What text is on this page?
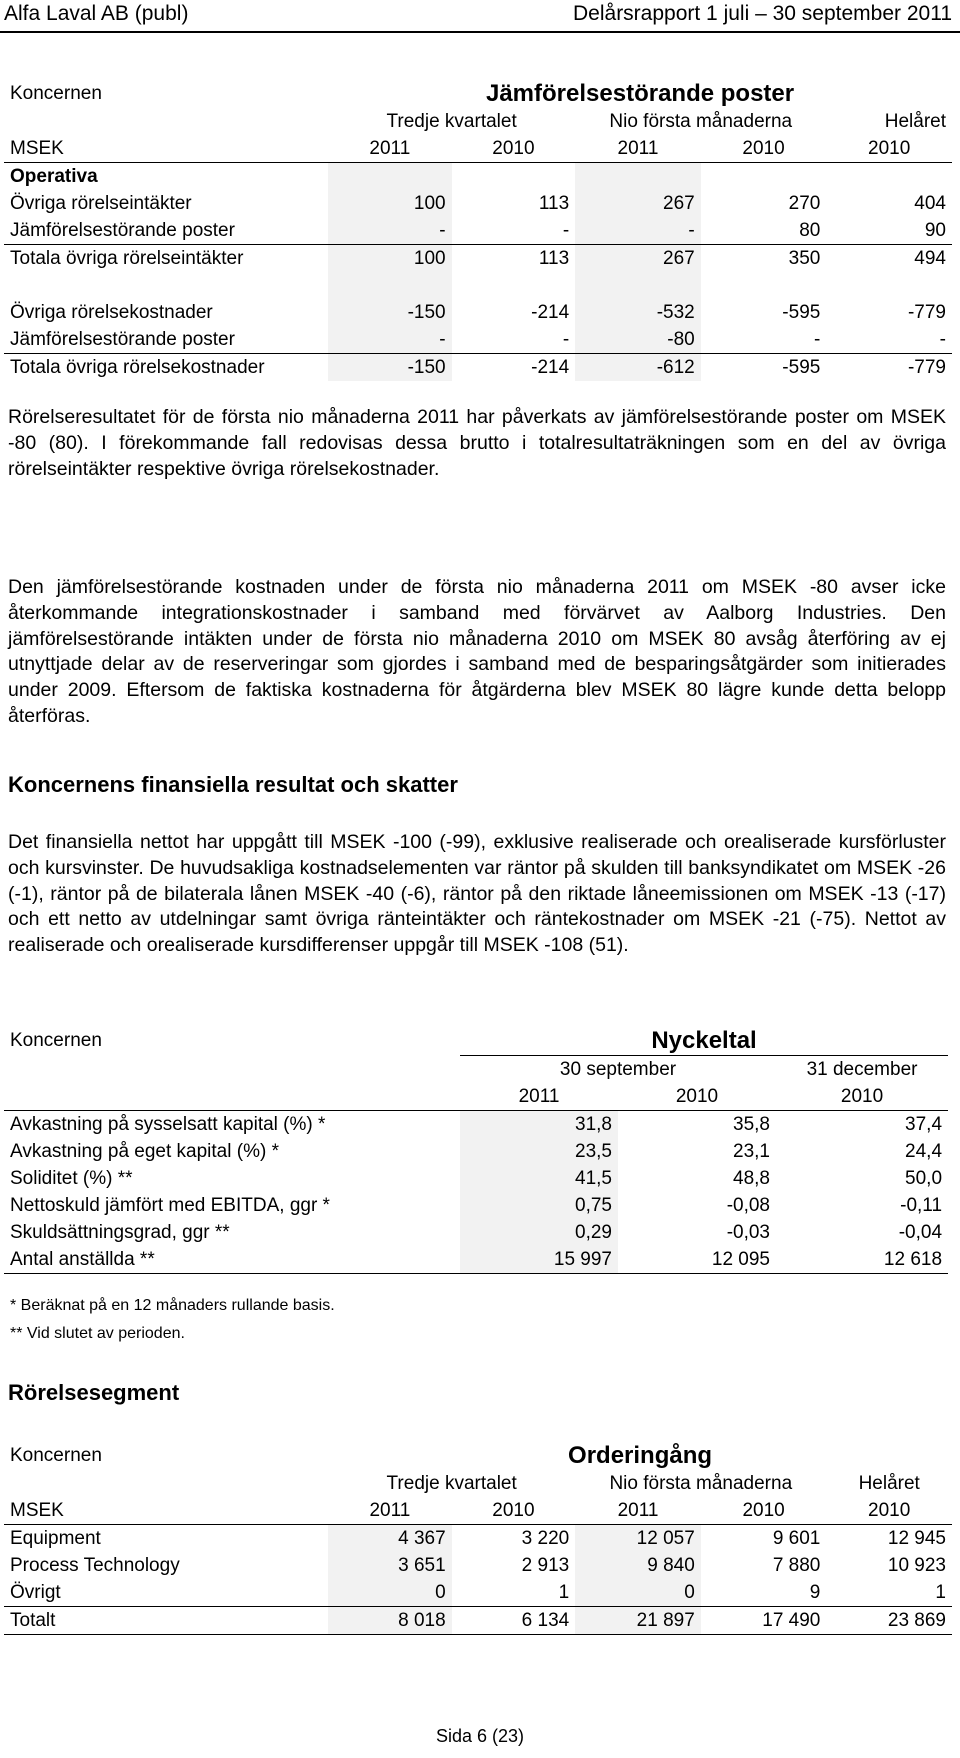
Alfa Laval AB (publ)	Delårsrapport 1 juli – 30 september 2011
Koncernen	Jämförelsestörande poster				
	Tredje kvartalet		Nio första månaderna		Helåret
MSEK	2011	2010	2011	2010	2010
Operativa					
Övriga rörelseintäkter	100	113	267	270	404
Jämförelsestörande poster	-	-	-	80	90
Totala övriga rörelseintäkter	100	113	267	350	494

Övriga rörelsekostnader	-150	-214	-532	-595	-779
Jämförelsestörande poster	-	-	-80	-	-
Totala övriga rörelsekostnader	-150	-214	-612	-595	-779
Rörelseresultatet för de första nio månaderna 2011 har påverkats av jämförelsestörande poster om MSEK -80 (80). I förekommande fall redovisas dessa brutto i totalresultaträkningen som en del av övriga rörelseintäkter respektive övriga rörelsekostnader.
Den jämförelsestörande kostnaden under de första nio månaderna 2011 om MSEK -80 avser icke återkommande integrationskostnader i samband med förvärvet av Aalborg Industries. Den jämförelsestörande intäkten under de första nio månaderna 2010 om MSEK 80 avsåg återföring av ej utnyttjade delar av de reserveringar som gjordes i samband med de besparingsåtgärder som initierades under 2009. Eftersom de faktiska kostnaderna för åtgärderna blev MSEK 80 lägre kunde detta belopp återföras.
Koncernens finansiella resultat och skatter
Det finansiella nettot har uppgått till MSEK -100 (-99), exklusive realiserade och orealiserade kursförluster och kursvinster. De huvudsakliga kostnadselementen var räntor på skulden till banksyndikatet om MSEK -26 (-1), räntor på de bilaterala lånen MSEK -40 (-6), räntor på den riktade låneemissionen om MSEK -13 (-17) och ett netto av utdelningar samt övriga ränteintäkter och räntekostnader om MSEK -21 (-75). Nettot av realiserade och orealiserade kursdifferenser uppgår till MSEK -108 (51).
Koncernen	Nyckeltal		
	30 september		31 december
	2011	2010	2010
Avkastning på sysselsatt kapital (%) *	31,8	35,8	37,4
Avkastning på eget kapital (%) *	23,5	23,1	24,4
Soliditet (%) **	41,5	48,8	50,0
Nettoskuld jämfört med EBITDA, ggr *	0,75	-0,08	-0,11
Skuldsättningsgrad, ggr **	0,29	-0,03	-0,04
Antal anställda **	15 997	12 095	12 618
* Beräknat på en 12 månaders rullande basis.
** Vid slutet av perioden.
Rörelsesegment
Koncernen	Orderingång				
	Tredje kvartalet		Nio första månaderna		Helåret
MSEK	2011	2010	2011	2010	2010
Equipment	4 367	3 220	12 057	9 601	12 945
Process Technology	3 651	2 913	9 840	7 880	10 923
Övrigt	0	1	0	9	1
Totalt	8 018	6 134	21 897	17 490	23 869
Sida 6 (23)
